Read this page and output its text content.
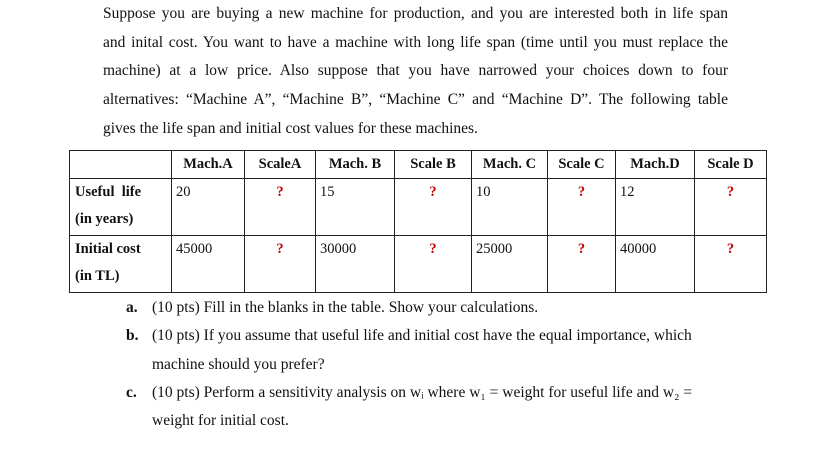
Suppose you are buying a new machine for production, and you are interested both in life span
and inital cost. You want to have a machine with long life span (time until you must replace the
machine) at a low price. Also suppose that you have narrowed your choices down to four
alternatives: “Machine A”, “Machine B”, “Machine C” and “Machine D”. The following table
gives the life span and initial cost values for these machines.
	Mach.A	ScaleA	Mach. B	Scale B	Mach. C	Scale C	Mach.D	Scale D

Useful  life
(in years)	20	?	15	?	10	?	12	?

Initial cost
(in TL)	45000	?	30000	?	25000	?	40000	?
a. (10 pts) Fill in the blanks in the table. Show your calculations.
b. (10 pts) If you assume that useful life and initial cost have the equal importance, which
machine should you prefer?
c. (10 pts) Perform a sensitivity analysis on wᵢ where w₁ = weight for useful life and w₂ =
weight for initial cost.
